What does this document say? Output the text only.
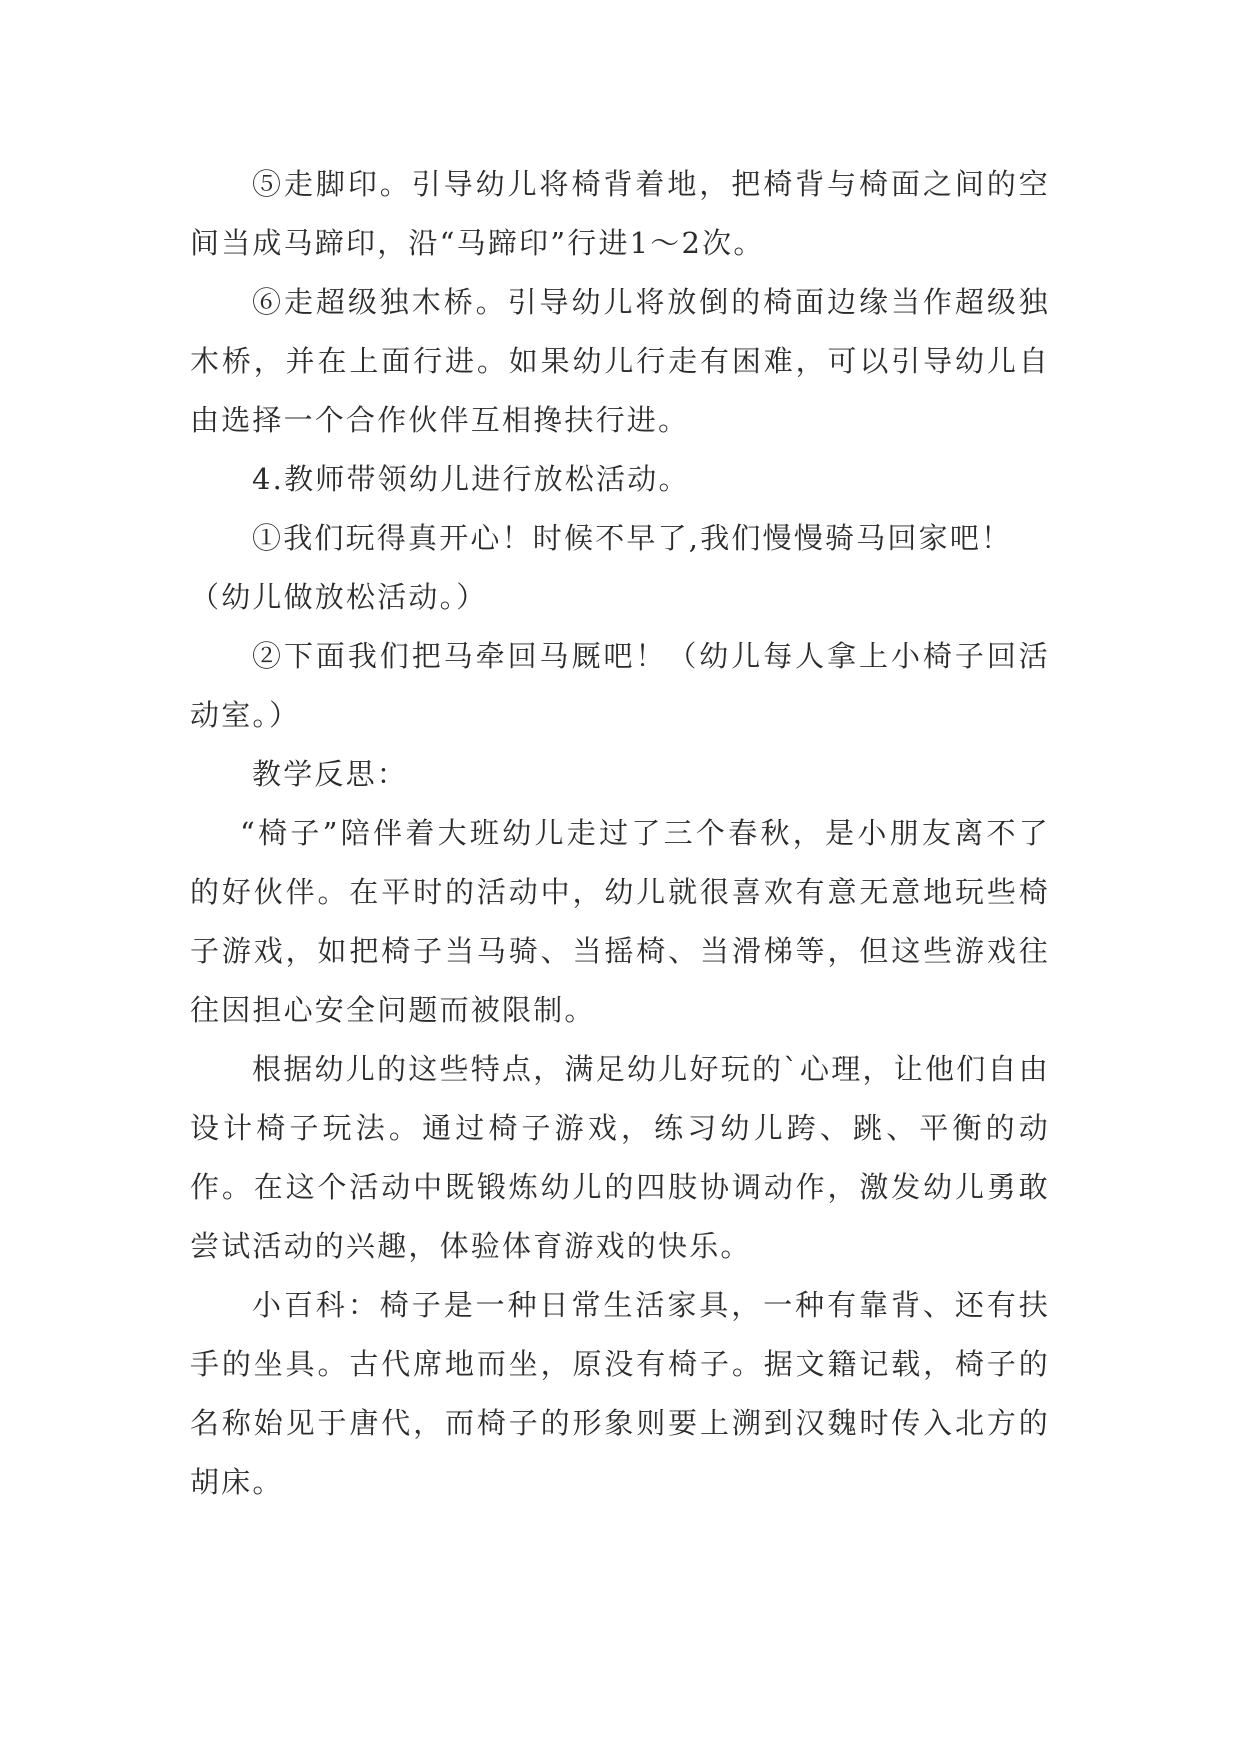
⑤走脚印。引导幼儿将椅背着地，把椅背与椅面之间的空间当成马蹄印，沿“马蹄印”行进1～2次。

⑥走超级独木桥。引导幼儿将放倒的椅面边缘当作超级独木桥，并在上面行进。如果幼儿行走有困难，可以引导幼儿自由选择一个合作伙伴互相搀扶行进。

4.教师带领幼儿进行放松活动。

①我们玩得真开心！时候不早了,我们慢慢骑马回家吧！

（幼儿做放松活动。）

②下面我们把马牵回马厩吧！（幼儿每人拿上小椅子回活动室。）

教学反思：

“椅子”陪伴着大班幼儿走过了三个春秋，是小朋友离不了的好伙伴。在平时的活动中，幼儿就很喜欢有意无意地玩些椅子游戏，如把椅子当马骑、当摇椅、当滑梯等，但这些游戏往往因担心安全问题而被限制。

根据幼儿的这些特点，满足幼儿好玩的`心理，让他们自由设计椅子玩法。通过椅子游戏，练习幼儿跨、跳、平衡的动作。在这个活动中既锻炼幼儿的四肢协调动作，激发幼儿勇敢尝试活动的兴趣，体验体育游戏的快乐。

小百科：椅子是一种日常生活家具，一种有靠背、还有扶手的坐具。古代席地而坐，原没有椅子。据文籍记载，椅子的名称始见于唐代，而椅子的形象则要上溯到汉魏时传入北方的胡床。
